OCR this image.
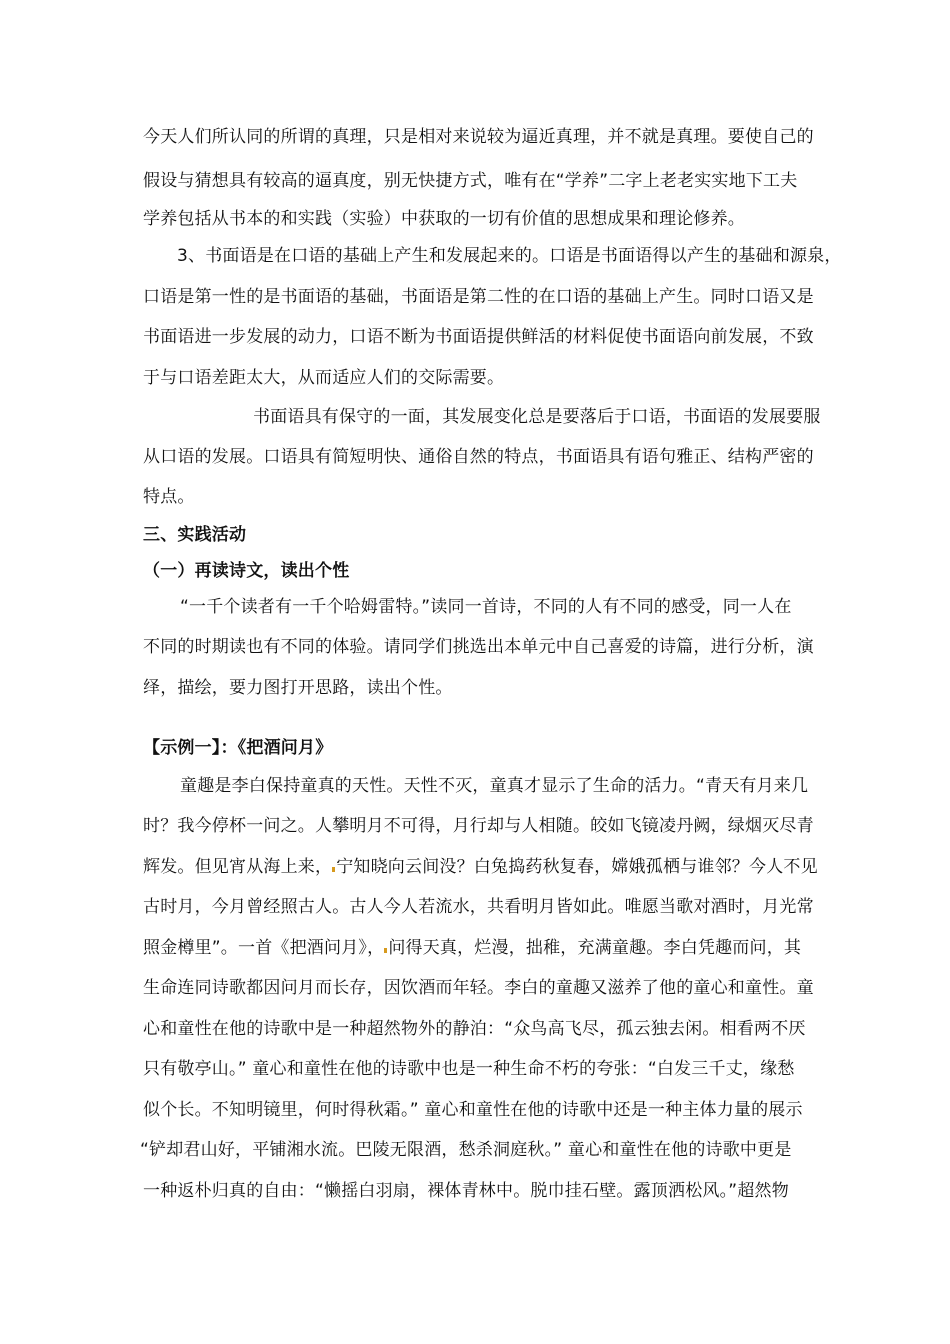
今天人们所认同的所谓的真理，只是相对来说较为逼近真理，并不就是真理。要使自己的
假设与猜想具有较高的逼真度，别无快捷方式，唯有在“学养”二字上老老实实地下工夫
学养包括从书本的和实践（实验）中获取的一切有价值的思想成果和理论修养。
3、书面语是在口语的基础上产生和发展起来的。口语是书面语得以产生的基础和源泉，
口语是第一性的是书面语的基础，书面语是第二性的在口语的基础上产生。同时口语又是
书面语进一步发展的动力，口语不断为书面语提供鲜活的材料促使书面语向前发展，不致
于与口语差距太大，从而适应人们的交际需要。
书面语具有保守的一面，其发展变化总是要落后于口语，书面语的发展要服
从口语的发展。口语具有简短明快、通俗自然的特点，书面语具有语句雅正、结构严密的
特点。
三、实践活动
（一）再读诗文，读出个性
“一千个读者有一千个哈姆雷特。”读同一首诗，不同的人有不同的感受，同一人在
不同的时期读也有不同的体验。请同学们挑选出本单元中自己喜爱的诗篇，进行分析，演
绎，描绘，要力图打开思路，读出个性。
【示例一】：《把酒问月》
童趣是李白保持童真的天性。天性不灭，童真才显示了生命的活力。“青天有月来几
时？我今停杯一问之。人攀明月不可得，月行却与人相随。皎如飞镜凌丹阙，绿烟灭尽青
辉发。但见宵从海上来， 宁知晓向云间没？白兔捣药秋复春，嫦娥孤栖与谁邻？今人不见
古时月，今月曾经照古人。古人今人若流水，共看明月皆如此。唯愿当歌对酒时，月光常
照金樽里”。一首《把酒问月》， 问得天真，烂漫，拙稚，充满童趣。李白凭趣而问，其
生命连同诗歌都因问月而长存，因饮酒而年轻。李白的童趣又滋养了他的童心和童性。童
心和童性在他的诗歌中是一种超然物外的静泊：“众鸟高飞尽，孤云独去闲。相看两不厌
只有敬亭山。” 童心和童性在他的诗歌中也是一种生命不朽的夸张：“白发三千丈，缘愁
似个长。不知明镜里，何时得秋霜。” 童心和童性在他的诗歌中还是一种主体力量的展示
“铲却君山好，平铺湘水流。巴陵无限酒，愁杀洞庭秋。” 童心和童性在他的诗歌中更是
一种返朴归真的自由：“懒摇白羽扇，裸体青林中。脱巾挂石壁。露顶洒松风。”超然物
